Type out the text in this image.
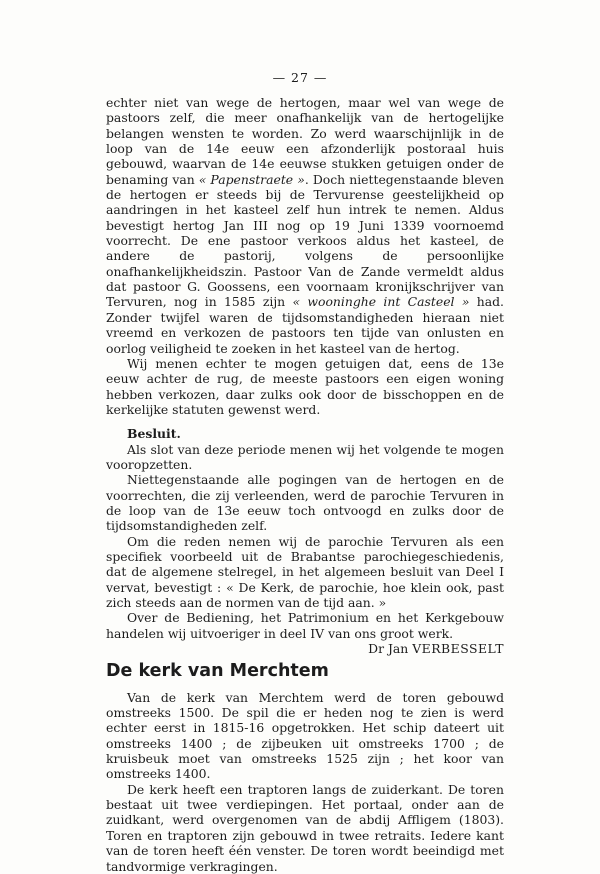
— 27 —

echter niet van wege de hertogen, maar wel van wege de pastoors zelf, die meer onafhankelijk van de hertogelijke belangen wensten te worden. Zo werd waarschijnlijk in de loop van de 14e eeuw een afzonderlijk postoraal huis gebouwd, waarvan de 14e eeuwse stukken getuigen onder de benaming van « Papenstraete ». Doch niettegenstaande bleven de hertogen er steeds bij de Tervurense geestelijkheid op aandringen in het kasteel zelf hun intrek te nemen. Aldus bevestigt hertog Jan III nog op 19 Juni 1339 voornoemd voorrecht. De ene pastoor verkoos aldus het kasteel, de andere de pastorij, volgens de persoonlijke onafhankelijkheidszin. Pastoor Van de Zande vermeldt aldus dat pastoor G. Goossens, een voornaam kronijkschrijver van Tervuren, nog in 1585 zijn « wooninghe int Casteel » had. Zonder twijfel waren de tijdsomstandigheden hieraan niet vreemd en verkozen de pastoors ten tijde van onlusten en oorlog veiligheid te zoeken in het kasteel van de hertog.

Wij menen echter te mogen getuigen dat, eens de 13e eeuw achter de rug, de meeste pastoors een eigen woning hebben verkozen, daar zulks ook door de bisschoppen en de kerkelijke statuten gewenst werd.

Besluit.

Als slot van deze periode menen wij het volgende te mogen vooropzetten.

Niettegenstaande alle pogingen van de hertogen en de voorrechten, die zij verleenden, werd de parochie Tervuren in de loop van de 13e eeuw toch ontvoogd en zulks door de tijdsomstandigheden zelf.

Om die reden nemen wij de parochie Tervuren als een specifiek voorbeeld uit de Brabantse parochiegeschiedenis, dat de algemene stelregel, in het algemeen besluit van Deel I vervat, bevestigt : « De Kerk, de parochie, hoe klein ook, past zich steeds aan de normen van de tijd aan. »

Over de Bediening, het Patrimonium en het Kerkgebouw handelen wij uitvoeriger in deel IV van ons groot werk.

Dr Jan VERBESSELT

De kerk van Merchtem

Van de kerk van Merchtem werd de toren gebouwd omstreeks 1500. De spil die er heden nog te zien is werd echter eerst in 1815-16 opgetrokken. Het schip dateert uit omstreeks 1400 ; de zijbeuken uit omstreeks 1700 ; de kruisbeuk moet van omstreeks 1525 zijn ; het koor van omstreeks 1400.

De kerk heeft een traptoren langs de zuiderkant. De toren bestaat uit twee verdiepingen. Het portaal, onder aan de zuidkant, werd overgenomen van de abdij Affligem (1803). Toren en traptoren zijn gebouwd in twee retraits. Iedere kant van de toren heeft één venster. De toren wordt beeindigd met tandvormige verkragingen.
